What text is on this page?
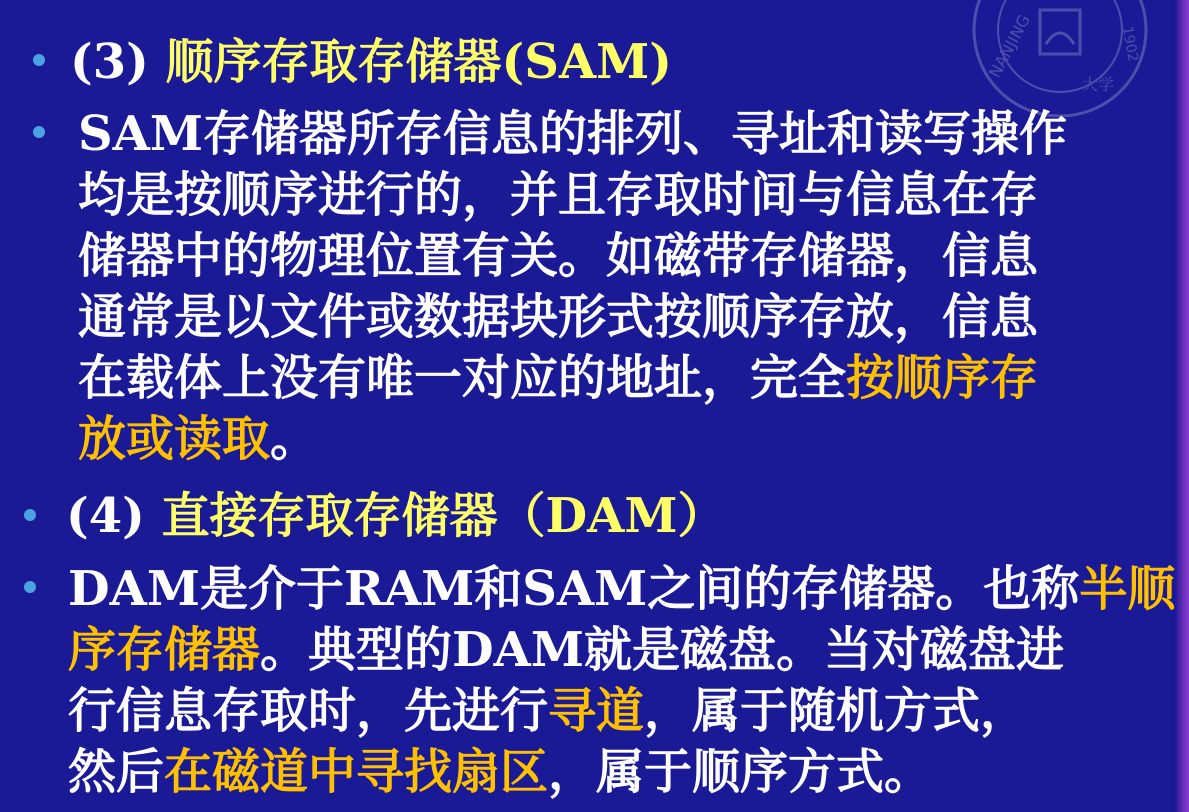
NANJING
大学
1902
(3) 顺序存取存储器(SAM)
SAM存储器所存信息的排列、寻址和读写操作
均是按顺序进行的，并且存取时间与信息在存
储器中的物理位置有关。如磁带存储器，信息
通常是以文件或数据块形式按顺序存放，信息
在载体上没有唯一对应的地址，完全按顺序存
放或读取。
(4) 直接存取存储器（DAM）
DAM是介于RAM和SAM之间的存储器。也称半顺
序存储器。典型的DAM就是磁盘。当对磁盘进
行信息存取时，先进行寻道，属于随机方式，
然后在磁道中寻找扇区，属于顺序方式。
